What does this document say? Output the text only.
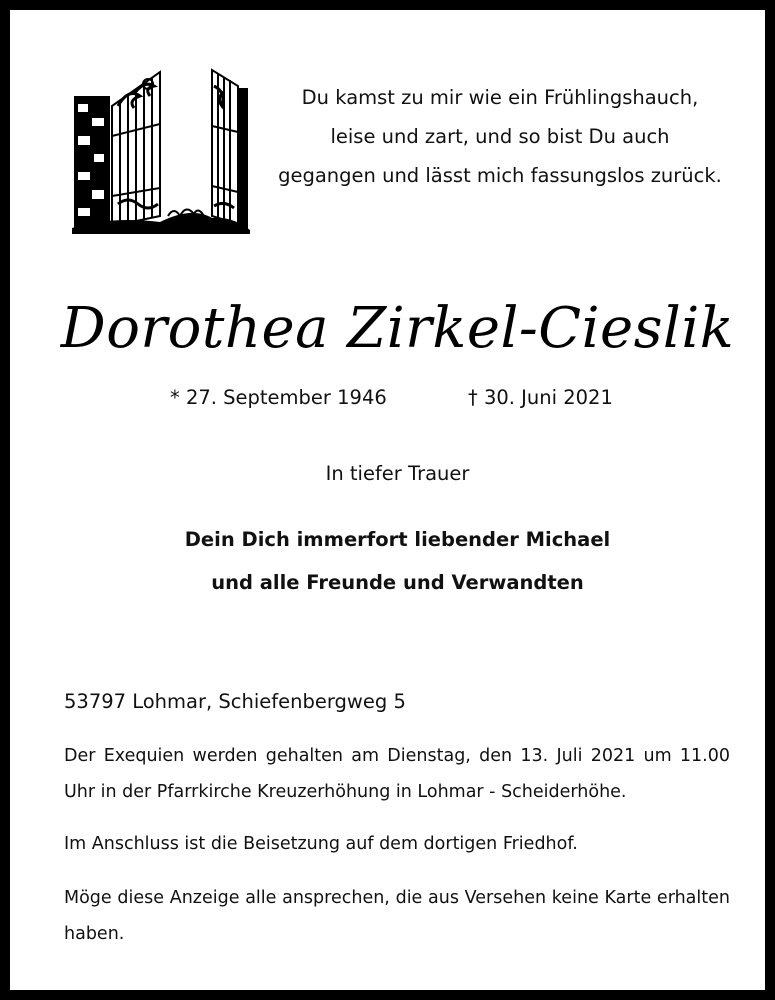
Du kamst zu mir wie ein Frühlingshauch,
leise und zart, und so bist Du auch
gegangen und lässt mich fassungslos zurück.
Dorothea Zirkel-Cieslik
* 27. September 1946	† 30. Juni 2021
In tiefer Trauer
Dein Dich immerfort liebender Michael
und alle Freunde und Verwandten
53797 Lohmar, Schiefenbergweg 5
Der Exequien werden gehalten am Dienstag, den 13. Juli 2021 um 11.00 Uhr in der Pfarrkirche Kreuzerhöhung in Lohmar - Scheiderhöhe.
Im Anschluss ist die Beisetzung auf dem dortigen Friedhof.
Möge diese Anzeige alle ansprechen, die aus Versehen keine Karte erhalten haben.
